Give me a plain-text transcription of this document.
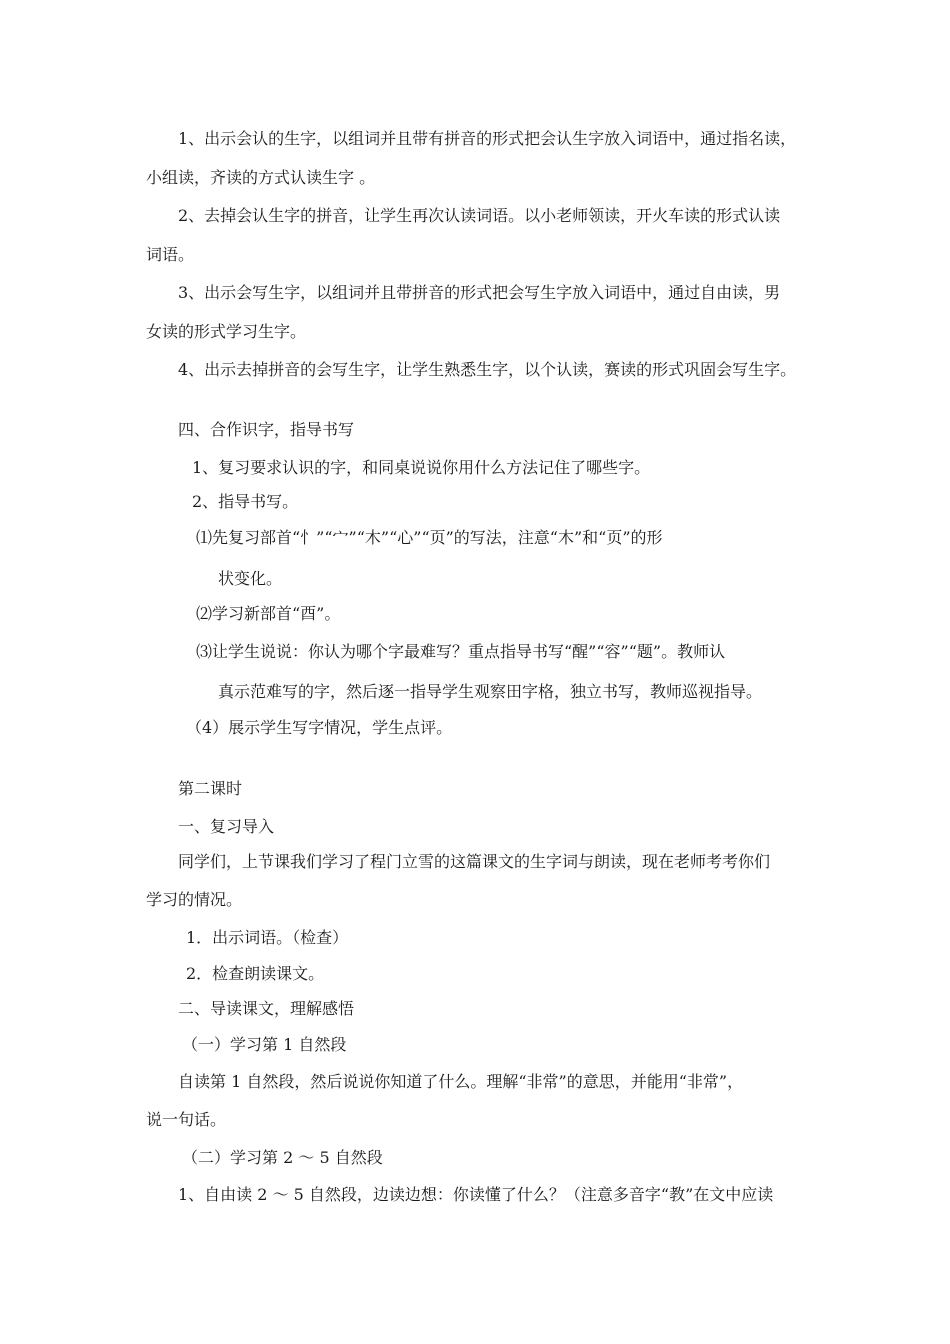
1、出示会认的生字，以组词并且带有拼音的形式把会认生字放入词语中，通过指名读，
小组读，齐读的方式认读生字 。
2、去掉会认生字的拼音，让学生再次认读词语。以小老师领读，开火车读的形式认读
词语。
3、出示会写生字，以组词并且带拼音的形式把会写生字放入词语中，通过自由读，男
女读的形式学习生字。
4、出示去掉拼音的会写生字，让学生熟悉生字，以个认读，赛读的形式巩固会写生字。
四、合作识字，指导书写
1、复习要求认识的字，和同桌说说你用什么方法记住了哪些字。
2、指导书写。
⑴先复习部首“忄”“宀”“木”“心”“页”的写法，注意“木”和“页”的形
状变化。
⑵学习新部首“酉”。
⑶让学生说说：你认为哪个字最难写？重点指导书写“醒”“容”“题”。教师认
真示范难写的字，然后逐一指导学生观察田字格，独立书写，教师巡视指导。
（4）展示学生写字情况，学生点评。
第二课时
一、复习导入
同学们，上节课我们学习了程门立雪的这篇课文的生字词与朗读，现在老师考考你们
学习的情况。
1．出示词语。（检查）
2．检查朗读课文。
二、导读课文，理解感悟
（一）学习第 1 自然段
自读第 1 自然段，然后说说你知道了什么。理解“非常”的意思，并能用“非常”，
说一句话。
（二）学习第 2 ～ 5 自然段
1、自由读 2 ～ 5 自然段，边读边想：你读懂了什么？（注意多音字“教”在文中应读
